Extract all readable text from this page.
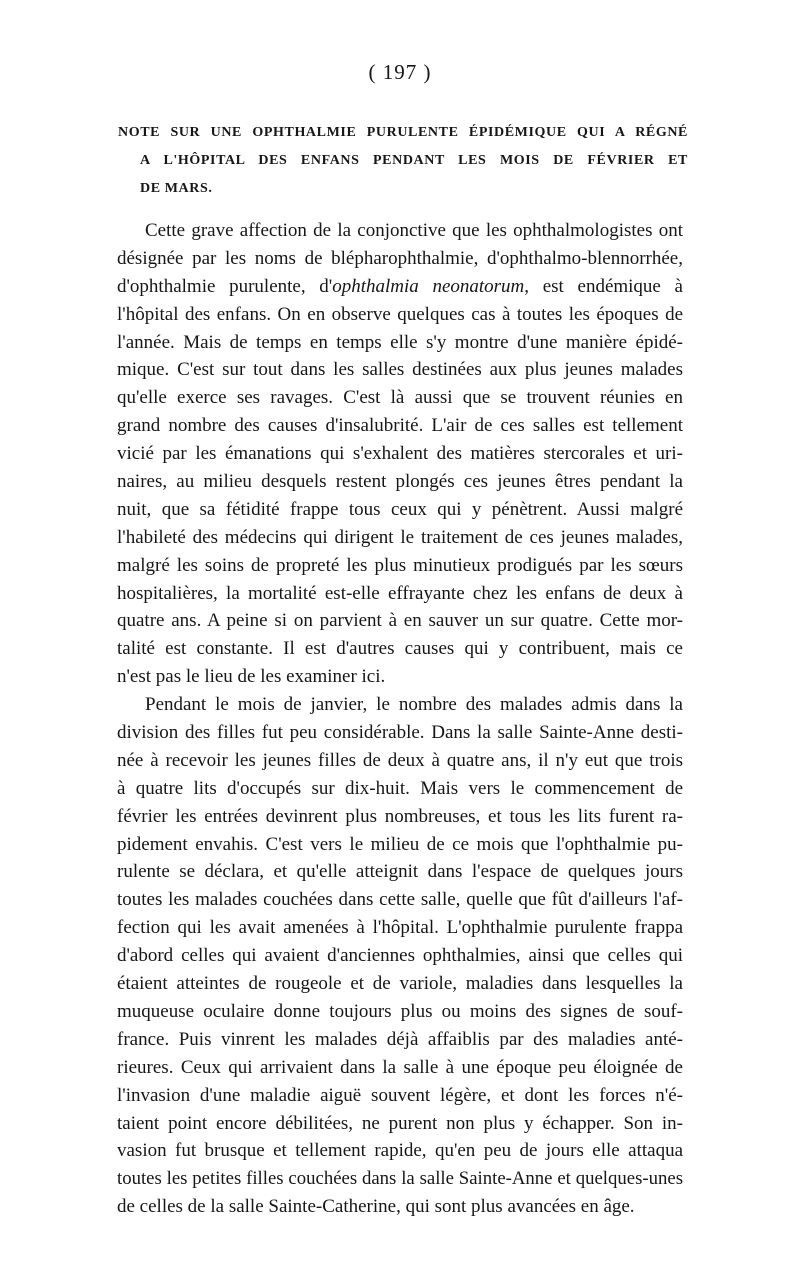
( 197 )
NOTE SUR UNE OPHTHALMIE PURULENTE ÉPIDÉMIQUE QUI A RÉGNÉ
A L'HÔPITAL DES ENFANS PENDANT LES MOIS DE FÉVRIER ET
DE MARS.
Cette grave affection de la conjonctive que les ophthalmologistes ont
désignée par les noms de blépharophthalmie, d'ophthalmo-blennorrhée,
d'ophthalmie purulente, d'ophthalmia neonatorum, est endémique à
l'hôpital des enfans. On en observe quelques cas à toutes les époques de
l'année. Mais de temps en temps elle s'y montre d'une manière épidé-
mique. C'est sur tout dans les salles destinées aux plus jeunes malades
qu'elle exerce ses ravages. C'est là aussi que se trouvent réunies en
grand nombre des causes d'insalubrité. L'air de ces salles est tellement
vicié par les émanations qui s'exhalent des matières stercorales et uri-
naires, au milieu desquels restent plongés ces jeunes êtres pendant la
nuit, que sa fétidité frappe tous ceux qui y pénètrent. Aussi malgré
l'habileté des médecins qui dirigent le traitement de ces jeunes malades,
malgré les soins de propreté les plus minutieux prodigués par les sœurs
hospitalières, la mortalité est-elle effrayante chez les enfans de deux à
quatre ans. A peine si on parvient à en sauver un sur quatre. Cette mor-
talité est constante. Il est d'autres causes qui y contribuent, mais ce
n'est pas le lieu de les examiner ici.
Pendant le mois de janvier, le nombre des malades admis dans la
division des filles fut peu considérable. Dans la salle Sainte-Anne desti-
née à recevoir les jeunes filles de deux à quatre ans, il n'y eut que trois
à quatre lits d'occupés sur dix-huit. Mais vers le commencement de
février les entrées devinrent plus nombreuses, et tous les lits furent ra-
pidement envahis. C'est vers le milieu de ce mois que l'ophthalmie pu-
rulente se déclara, et qu'elle atteignit dans l'espace de quelques jours
toutes les malades couchées dans cette salle, quelle que fût d'ailleurs l'af-
fection qui les avait amenées à l'hôpital. L'ophthalmie purulente frappa
d'abord celles qui avaient d'anciennes ophthalmies, ainsi que celles qui
étaient atteintes de rougeole et de variole, maladies dans lesquelles la
muqueuse oculaire donne toujours plus ou moins des signes de souf-
france. Puis vinrent les malades déjà affaiblis par des maladies anté-
rieures. Ceux qui arrivaient dans la salle à une époque peu éloignée de
l'invasion d'une maladie aiguë souvent légère, et dont les forces n'é-
taient point encore débilitées, ne purent non plus y échapper. Son in-
vasion fut brusque et tellement rapide, qu'en peu de jours elle attaqua
toutes les petites filles couchées dans la salle Sainte-Anne et quelques-unes
de celles de la salle Sainte-Catherine, qui sont plus avancées en âge.
